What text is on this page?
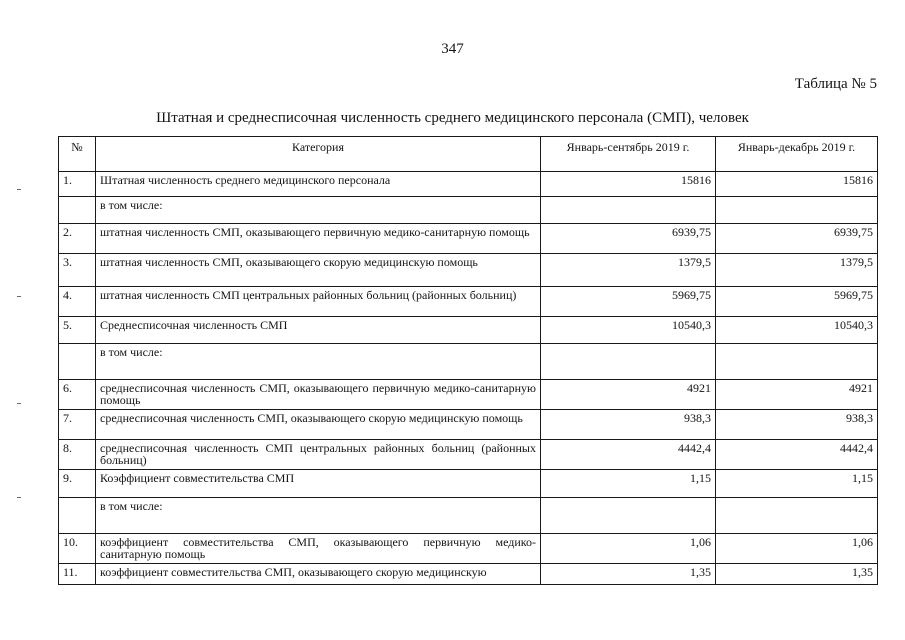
347
Таблица № 5
Штатная и среднесписочная численность среднего медицинского персонала (СМП), человек
№	Категория	Январь-сентябрь 2019 г.	Январь-декабрь 2019 г.
1.	Штатная численность среднего медицинского персонала	15816	15816
	в том числе:		
2.	штатная численность СМП, оказывающего первичную медико-санитарную помощь	6939,75	6939,75
3.	штатная численность СМП, оказывающего скорую медицинскую помощь	1379,5	1379,5
4.	штатная численность СМП центральных районных больниц (районных больниц)	5969,75	5969,75
5.	Среднесписочная численность СМП	10540,3	10540,3
	в том числе:		
6.	среднесписочная численность СМП, оказывающего первичную медико-санитарную помощь	4921	4921
7.	среднесписочная численность СМП, оказывающего скорую медицинскую помощь	938,3	938,3
8.	среднесписочная численность СМП центральных районных больниц (районных больниц)	4442,4	4442,4
9.	Коэффициент совместительства СМП	1,15	1,15
	в том числе:		
10.	коэффициент совместительства СМП, оказывающего первичную медико-санитарную помощь	1,06	1,06
11.	коэффициент совместительства СМП, оказывающего скорую медицинскую	1,35	1,35
